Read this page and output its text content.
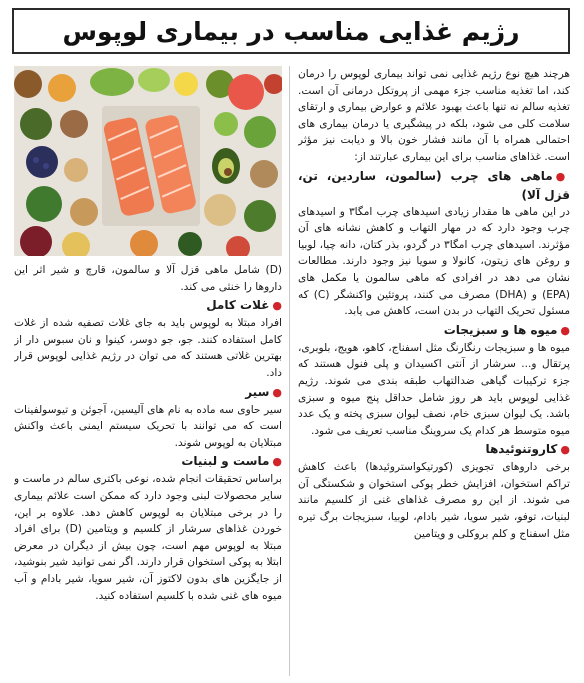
رژیم غذایی مناسب در بیماری لوپوس

هرچند هیچ نوع رژیم غذایی نمی تواند بیماری لوپوس را درمان کند، اما تغذیه مناسب جزء مهمی از پروتکل درمانی آن است. تغذیه سالم نه تنها باعث بهبود علائم و عوارض بیماری و ارتقای سلامت کلی می شود، بلکه در پیشگیری یا درمان بیماری های احتمالی همراه با آن مانند فشار خون بالا و دیابت نیز مؤثر است. غذاهای مناسب برای این بیماری عبارتند از:

●ماهی های چرب (سالمون، ساردین، تن، قزل آلا)

در این ماهی ها مقدار زیادی اسیدهای چرب امگا۳ و اسیدهای چرب وجود دارد که در مهار التهاب و کاهش نشانه های آن مؤثرند. اسیدهای چرب امگا۳ در گردو، بذر کتان، دانه چیا، لوبیا و روغن های زیتون، کانولا و سویا نیز وجود دارند. مطالعات نشان می دهد در افرادی که ماهی سالمون یا مکمل های (EPA) و (DHA) مصرف می کنند، پروتئین واکنشگر (C) که مسئول تحریک التهاب در بدن است، کاهش می یابد.

●میوه ها و سبزیجات

میوه ها و سبزیجات رنگارنگ مثل اسفناج، کاهو، هویج، بلوبری، پرتقال و... سرشار از آنتی اکسیدان و پلی فنول هستند که جزء ترکیبات گیاهی ضدالتهاب طبقه بندی می شوند. رژیم غذایی لوپوس باید هر روز شامل حداقل پنج میوه و سبزی باشد. یک لیوان سبزی خام، نصف لیوان سبزی پخته و یک عدد میوه متوسط هر کدام یک سروینگ مناسب تعریف می شود.

●کاروتنوئیدها

برخی داروهای تجویزی (کورتیکواستروئیدها) باعث کاهش تراکم استخوان، افزایش خطر پوکی استخوان و شکستگی آن می شوند. از این رو مصرف غذاهای غنی از کلسیم مانند لبنیات، توفو، شیر سویا، شیر بادام، لوبیا، سبزیجات برگ تیره مثل اسفناج و کلم بروکلی و ویتامین

(D) شامل ماهی قزل آلا و سالمون، قارچ و شیر اثر این داروها را خنثی می کند.

●غلات کامل

افراد مبتلا به لوپوس باید به جای غلات تصفیه شده از غلات کامل استفاده کنند. جو، جو دوسر، کینوا و نان سبوس دار از بهترین غلاتی هستند که می توان در رژیم غذایی لوپوس قرار داد.

●سیر

سیر حاوی سه ماده به نام های آلیسین، آجوئن و تیوسولفینات است که می توانند با تحریک سیستم ایمنی باعث واکنش مبتلایان به لوپوس شوند.

●ماست و لبنیات

براساس تحقیقات انجام شده، نوعی باکتری سالم در ماست و سایر محصولات لبنی وجود دارد که ممکن است علائم بیماری را در برخی مبتلایان به لوپوس کاهش دهد. علاوه بر این، خوردن غذاهای سرشار از کلسیم و ویتامین (D) برای افراد مبتلا به لوپوس مهم است، چون بیش از دیگران در معرض ابتلا به پوکی استخوان قرار دارند. اگر نمی توانید شیر بنوشید، از جایگزین های بدون لاکتوز آن، شیر سویا، شیر بادام و آب میوه های غنی شده با کلسیم استفاده کنید.
